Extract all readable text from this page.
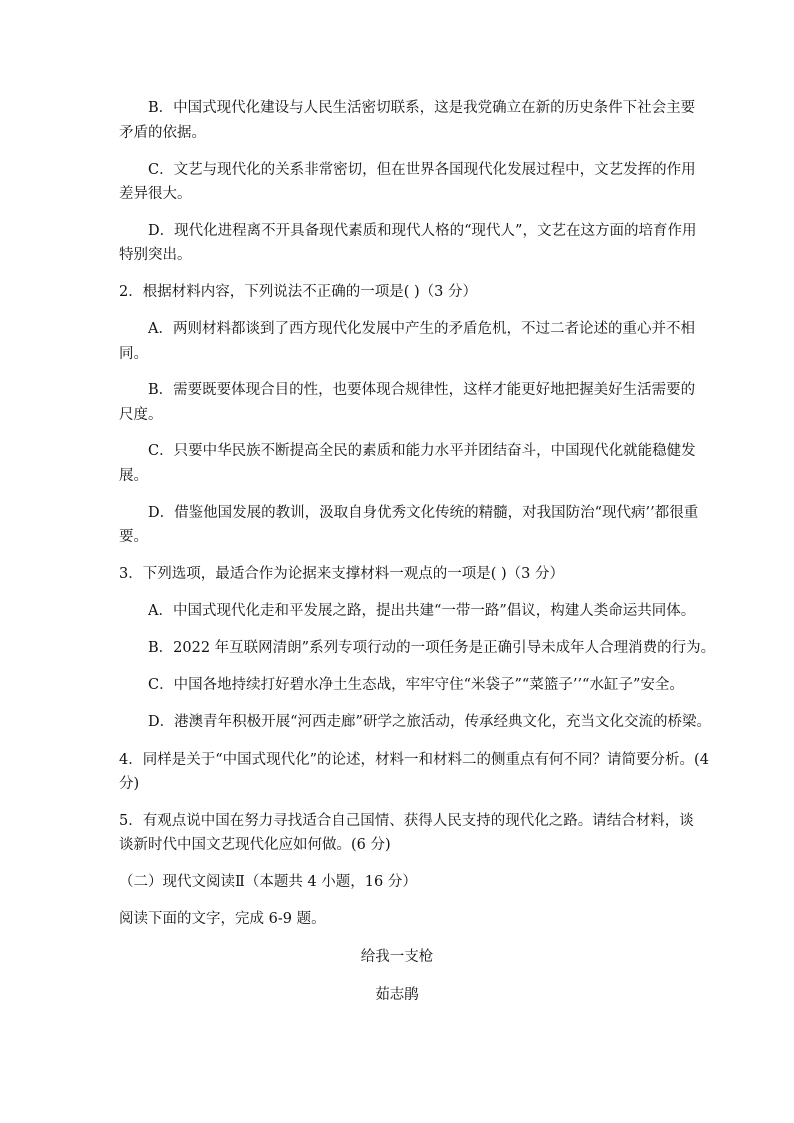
B．中国式现代化建设与人民生活密切联系，这是我党确立在新的历史条件下社会主要
矛盾的依据。
C．文艺与现代化的关系非常密切，但在世界各国现代化发展过程中，文艺发挥的作用
差异很大。
D．现代化进程离不开具备现代素质和现代人格的“现代人”，文艺在这方面的培育作用
特别突出。
2．根据材料内容，下列说法不正确的一项是( )（3 分）
A．两则材料都谈到了西方现代化发展中产生的矛盾危机，不过二者论述的重心并不相
同。
B．需要既要体现合目的性，也要体现合规律性，这样才能更好地把握美好生活需要的
尺度。
C．只要中华民族不断提高全民的素质和能力水平并团结奋斗，中国现代化就能稳健发
展。
D．借鉴他国发展的教训，汲取自身优秀文化传统的精髓，对我国防治“现代病’’都很重
要。
3．下列选项，最适合作为论据来支撑材料一观点的一项是( )（3 分）
A．中国式现代化走和平发展之路，提出共建“一带一路”倡议，构建人类命运共同体。
B．2022 年互联网清朗”系列专项行动的一项任务是正确引导未成年人合理消费的行为。
C．中国各地持续打好碧水净土生态战，牢牢守住“米袋子”“菜篮子’’“水缸子”安全。
D．港澳青年积极开展“河西走廊”研学之旅活动，传承经典文化，充当文化交流的桥梁。
4．同样是关于“中国式现代化”的论述，材料一和材料二的侧重点有何不同？请简要分析。(4
分)
5．有观点说中国在努力寻找适合自己国情、获得人民支持的现代化之路。请结合材料，谈
谈新时代中国文艺现代化应如何做。(6 分)
（二）现代文阅读Ⅱ（本题共 4 小题，16 分）
阅读下面的文字，完成 6-9 题。
给我一支枪
茹志鹃
